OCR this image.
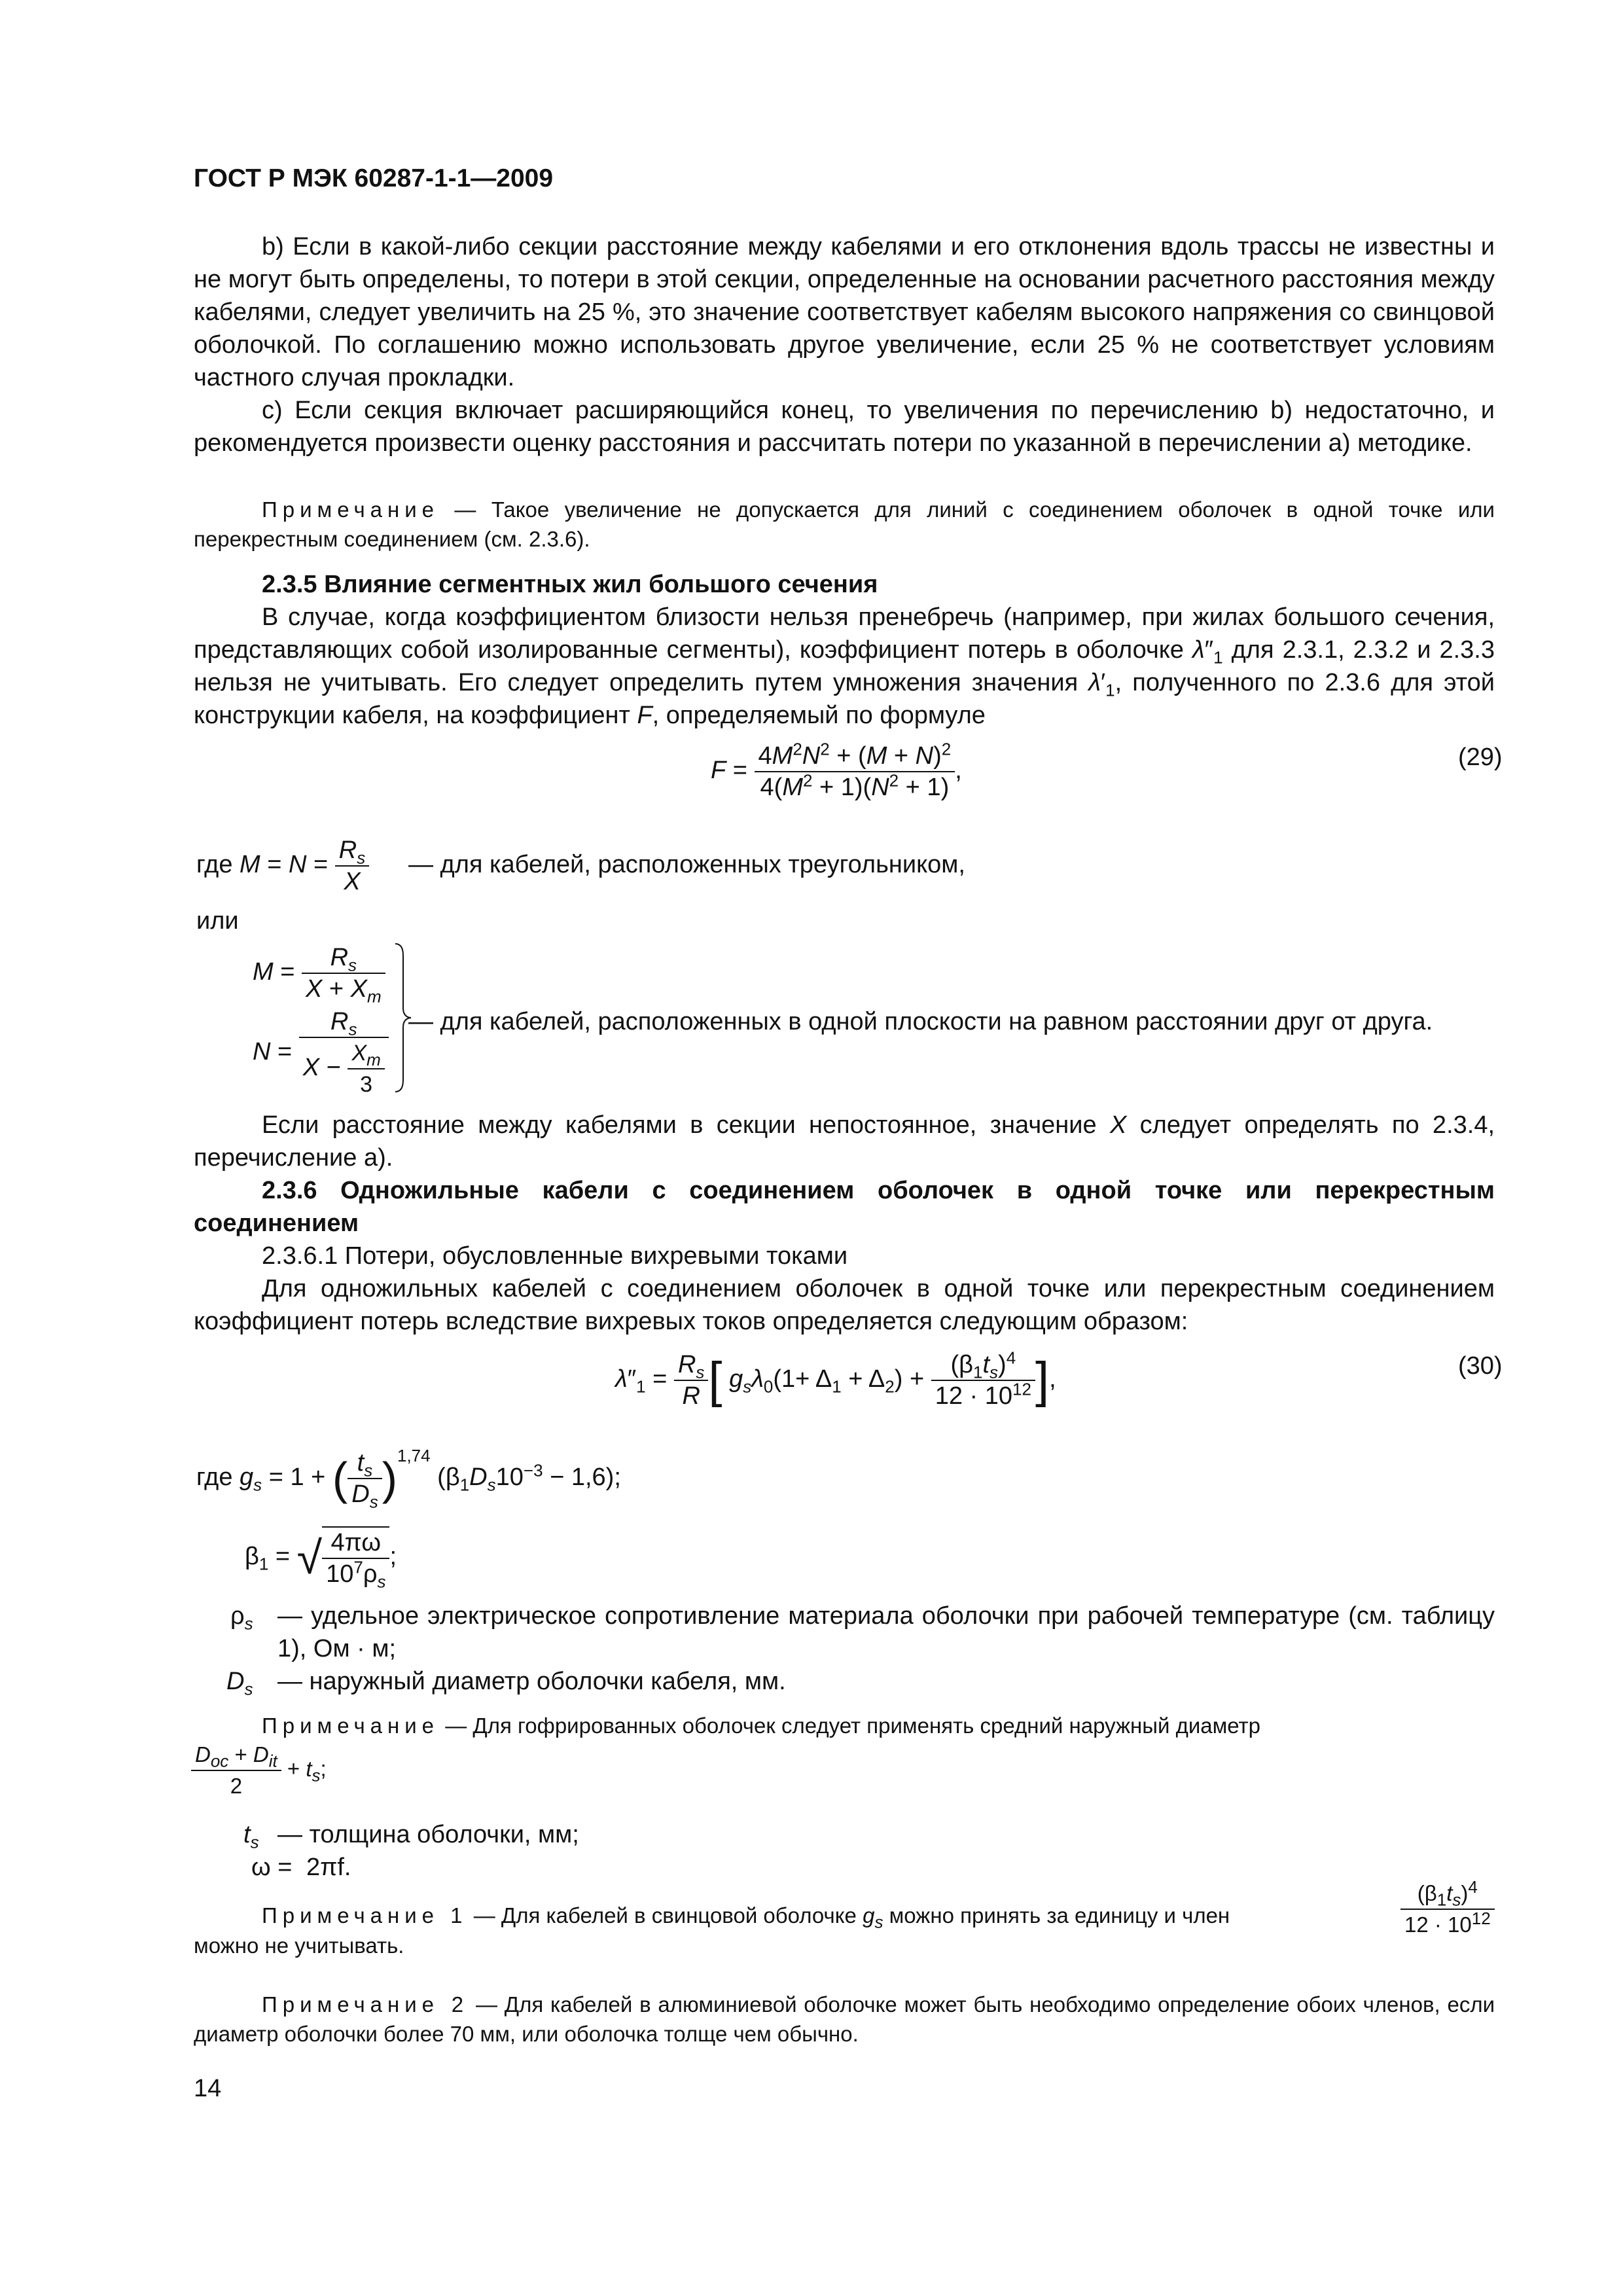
ГОСТ Р МЭК 60287-1-1—2009
b) Если в какой-либо секции расстояние между кабелями и его отклонения вдоль трассы не известны и не могут быть определены, то потери в этой секции, определенные на основании расчетного расстояния между кабелями, следует увеличить на 25 %, это значение соответствует кабелям высокого напряжения со свинцовой оболочкой. По соглашению можно использовать другое увеличение, если 25 % не соответствует условиям частного случая прокладки.
c) Если секция включает расширяющийся конец, то увеличения по перечислению b) недостаточно, и рекомендуется произвести оценку расстояния и рассчитать потери по указанной в перечислении a) методике.
Примечание — Такое увеличение не допускается для линий с соединением оболочек в одной точке или перекрестным соединением (см. 2.3.6).
2.3.5 Влияние сегментных жил большого сечения
В случае, когда коэффициентом близости нельзя пренебречь (например, при жилах большого сечения, представляющих собой изолированные сегменты), коэффициент потерь в оболочке $\lambda''_1$ для 2.3.1, 2.3.2 и 2.3.3 нельзя не учитывать. Его следует определить путем умножения значения $\lambda'_1$, полученного по 2.3.6 для этой конструкции кабеля, на коэффициент F, определяемый по формуле
$F = \frac{4M^2N^2 + (M + N)^2}{4(M^2 + 1)(N^2 + 1)}$ ,	(29)
где $M = N = \frac{R_s}{X}$ — для кабелей, расположенных треугольником,
или
$M = \frac{R_s}{X + X_m}$
$N = \frac{R_s}{X - \frac{X_m}{3}}$ — для кабелей, расположенных в одной плоскости на равном расстоянии друг от друга.
Если расстояние между кабелями в секции непостоянное, значение X следует определять по 2.3.4, перечисление а).
2.3.6 Одножильные кабели с соединением оболочек в одной точке или перекрестным соединением
2.3.6.1 Потери, обусловленные вихревыми токами
Для одножильных кабелей с соединением оболочек в одной точке или перекрестным соединением коэффициент потерь вследствие вихревых токов определяется следующим образом:
$\lambda''_1 = \frac{R_s}{R}$ [ $g_s\lambda_0(1+ \Delta_1 + \Delta_2) + \frac{(\beta_1t_s)^4}{12 \cdot 10^{12}}$ ],	(30)
где $g_s = 1$ + ( $\frac{t_s}{D_s} )^{1,74}$ $(\beta_1D_s10^{-3} - 1,6)$;
$\beta_1$ = √ $\frac{4\pi\omega}{10^7\rho_s}$ ;
$\rho_s$ — удельное электрическое сопротивление материала оболочки при рабочей температуре (см. таблицу 1), Ом · м;
$D_s$ — наружный диаметр оболочки кабеля, мм.
Примечание — Для гофрированных оболочек следует применять средний наружный диаметр
$\frac{D_{oc} + D_{it}}{2} + t_s$;
$t_s$ — толщина оболочки, мм;
ω = 2πf.
Примечание 1 — Для кабелей в свинцовой оболочке $g_s$ можно принять за единицу и член	$\frac{(\beta_1t_s)^4}{12 \cdot 10^{12}}$
можно не учитывать.
Примечание 2 — Для кабелей в алюминиевой оболочке может быть необходимо определение обоих членов, если диаметр оболочки более 70 мм, или оболочка толще чем обычно.
14
